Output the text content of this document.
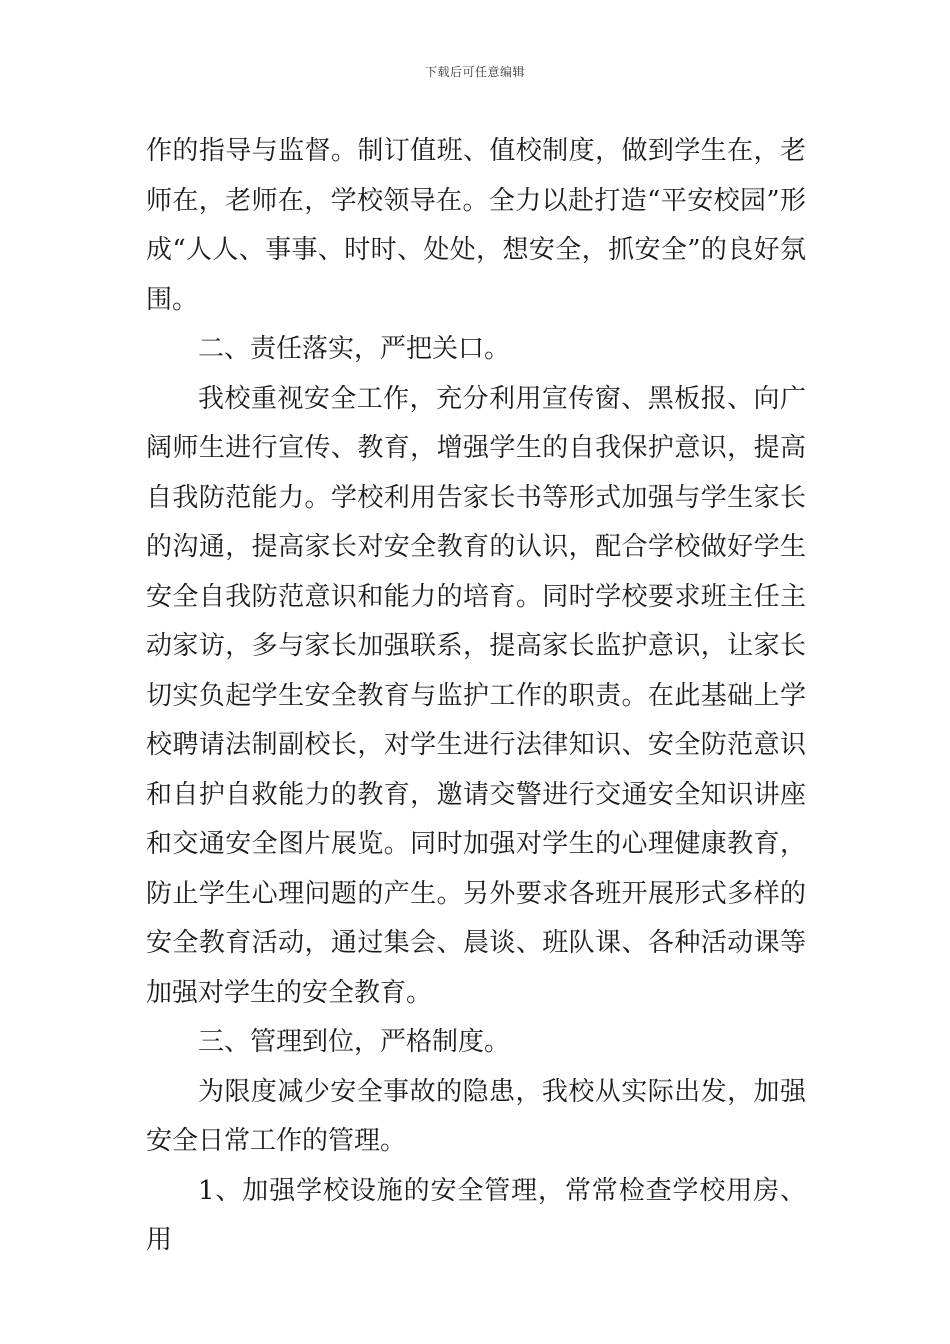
下载后可任意编辑

作的指导与监督。制订值班、值校制度，做到学生在，老师在，老师在，学校领导在。全力以赴打造“平安校园”形成“人人、事事、时时、处处，想安全，抓安全”的良好氛围。

二、责任落实，严把关口。

我校重视安全工作，充分利用宣传窗、黑板报、向广阔师生进行宣传、教育，增强学生的自我保护意识，提高自我防范能力。学校利用告家长书等形式加强与学生家长的沟通，提高家长对安全教育的认识，配合学校做好学生安全自我防范意识和能力的培育。同时学校要求班主任主动家访，多与家长加强联系，提高家长监护意识，让家长切实负起学生安全教育与监护工作的职责。在此基础上学校聘请法制副校长，对学生进行法律知识、安全防范意识和自护自救能力的教育，邀请交警进行交通安全知识讲座和交通安全图片展览。同时加强对学生的心理健康教育，防止学生心理问题的产生。另外要求各班开展形式多样的安全教育活动，通过集会、晨谈、班队课、各种活动课等加强对学生的安全教育。

三、管理到位，严格制度。

为限度减少安全事故的隐患，我校从实际出发，加强安全日常工作的管理。

1、加强学校设施的安全管理，常常检查学校用房、用
